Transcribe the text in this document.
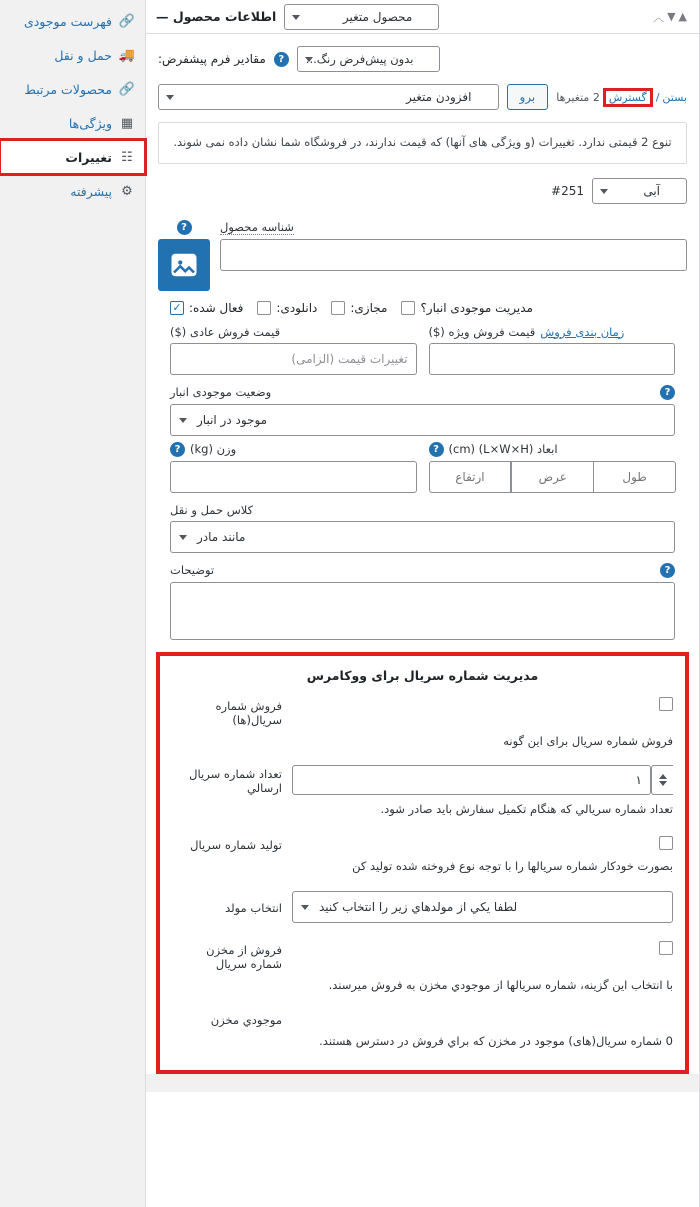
🔗
فهرست موجودی
🚚
حمل و نقل
🔗
محصولات مرتبط
▦
ویژگی‌ها
☷
تغییرات
⚙
پیشرفته
▲
▼
︿
محصول متغیر
اطلاعات محصول —
بدون پیش‌فرض رنگ...
?
مقادیر فرم پیشفرض:
بستن
/
گسترش
2 متغیرها
برو
افزودن متغیر
تنوع 2 قیمتی ندارد. تغییرات (و ویژگی های آنها) که قیمت ندارند، در فروشگاه شما نشان داده نمی شوند.
آبی
#251
شناسه محصول
?
مدیریت موجودی انبار؟
مجازی:
دانلودی:
فعال شده:
✓
زمان بندی فروش
قیمت فروش ویژه ($)
قیمت فروش عادی ($)
تغییرات قیمت (الزامی)
?
وضعیت موجودی انبار
موجود در انبار
ابعاد (L×W×H) (cm)
?
طول
عرض
ارتفاع
وزن (kg)
?
کلاس حمل و نقل
مانند مادر
?
توضیحات
مدیریت شماره سریال برای ووکامرس
فروش شماره سریال(ها)
فروش شماره سریال برای این گونه
١
تعداد شماره سریال ارسالي
تعداد شماره سریالي که هنگام تکمیل سفارش باید صادر شود.
تولید شماره سریال
بصورت خودکار شماره سریالها را با توجه نوع فروخته شده تولید کن
لطفا یکي از مولدهاي زیر را انتخاب کنید
انتخاب مولد
فروش از مخزن شماره سریال
با انتخاب این گزینه، شماره سریالها از موجودي مخزن به فروش میرسند.
موجودي مخزن
0 شماره سریال(های) موجود در مخزن که براي فروش در دسترس هستند.
